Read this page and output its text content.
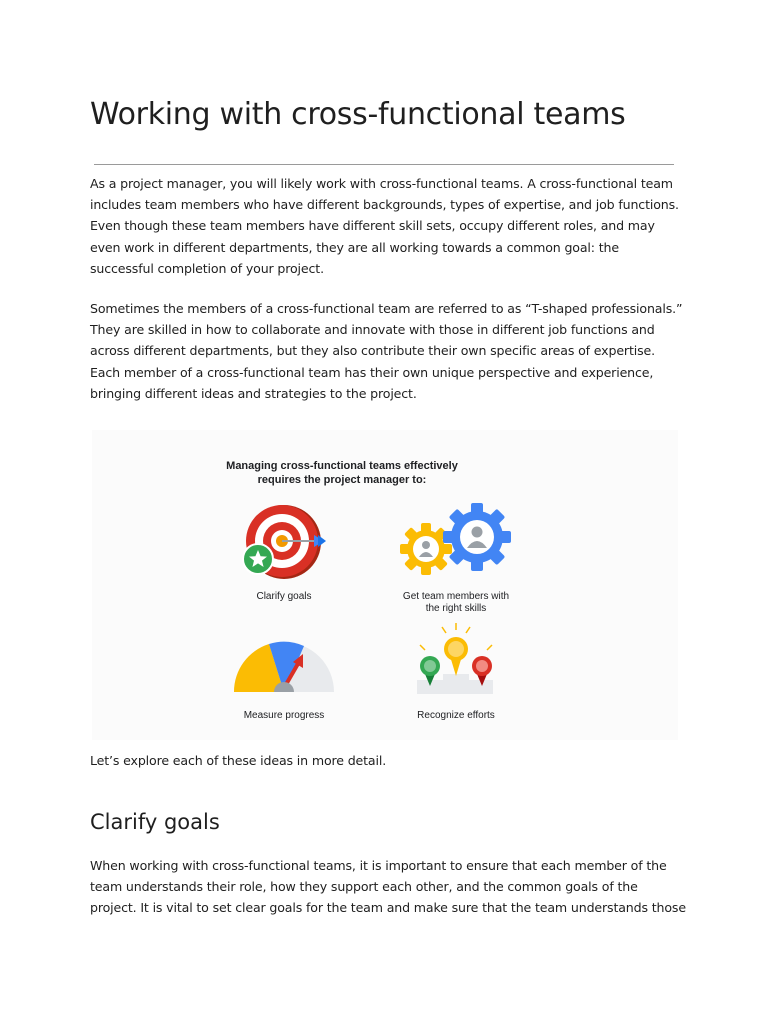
Working with cross-functional teams

As a project manager, you will likely work with cross-functional teams. A cross-functional team
includes team members who have different backgrounds, types of expertise, and job functions.
Even though these team members have different skill sets, occupy different roles, and may
even work in different departments, they are all working towards a common goal: the
successful completion of your project.

Sometimes the members of a cross-functional team are referred to as “T-shaped professionals.”
They are skilled in how to collaborate and innovate with those in different job functions and
across different departments, but they also contribute their own specific areas of expertise.
Each member of a cross-functional team has their own unique perspective and experience,
bringing different ideas and strategies to the project.

Managing cross-functional teams effectively
requires the project manager to:
Clarify goals	Get team members with
the right skills
Measure progress	Recognize efforts

Let’s explore each of these ideas in more detail.

Clarify goals

When working with cross-functional teams, it is important to ensure that each member of the
team understands their role, how they support each other, and the common goals of the
project. It is vital to set clear goals for the team and make sure that the team understands those
